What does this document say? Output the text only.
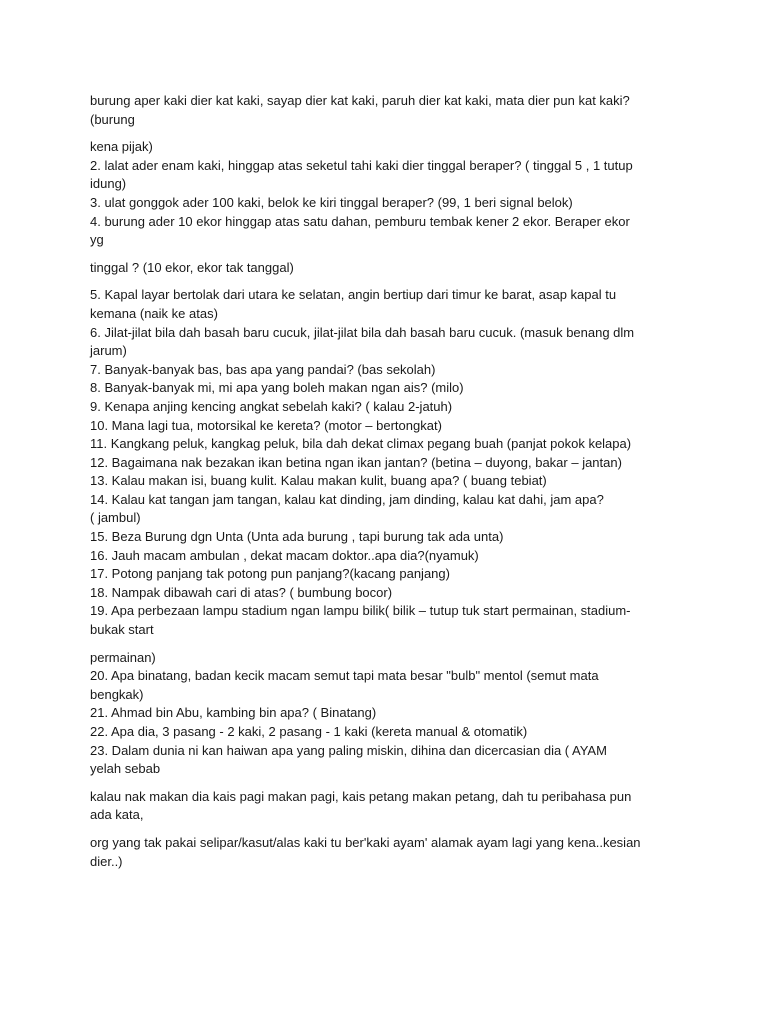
burung aper kaki dier kat kaki, sayap dier kat kaki, paruh dier kat kaki, mata dier pun kat kaki?
(burung
kena pijak)
2. lalat ader enam kaki, hinggap atas seketul tahi kaki dier tinggal beraper? ( tinggal 5 , 1 tutup
idung)
3. ulat gonggok ader 100 kaki, belok ke kiri tinggal beraper? (99, 1 beri signal belok)
4. burung ader 10 ekor hinggap atas satu dahan, pemburu tembak kener 2 ekor. Beraper ekor
yg
tinggal ? (10 ekor, ekor tak tanggal)
5. Kapal layar bertolak dari utara ke selatan, angin bertiup dari timur ke barat, asap kapal tu
kemana (naik ke atas)
6. Jilat-jilat bila dah basah baru cucuk, jilat-jilat bila dah basah baru cucuk. (masuk benang dlm
jarum)
7. Banyak-banyak bas, bas apa yang pandai? (bas sekolah)
8. Banyak-banyak mi, mi apa yang boleh makan ngan ais? (milo)
9. Kenapa anjing kencing angkat sebelah kaki? ( kalau 2-jatuh)
10. Mana lagi tua, motorsikal ke kereta? (motor – bertongkat)
11. Kangkang peluk, kangkag peluk, bila dah dekat climax pegang buah (panjat pokok kelapa)
12. Bagaimana nak bezakan ikan betina ngan ikan jantan? (betina – duyong, bakar – jantan)
13. Kalau makan isi, buang kulit. Kalau makan kulit, buang apa? ( buang tebiat)
14. Kalau kat tangan jam tangan, kalau kat dinding, jam dinding, kalau kat dahi, jam apa?
( jambul)
15. Beza Burung dgn Unta (Unta ada burung , tapi burung tak ada unta)
16. Jauh macam ambulan , dekat macam doktor..apa dia?(nyamuk)
17. Potong panjang tak potong pun panjang?(kacang panjang)
18. Nampak dibawah cari di atas? ( bumbung bocor)
19. Apa perbezaan lampu stadium ngan lampu bilik( bilik – tutup tuk start permainan, stadium-
bukak start
permainan)
20. Apa binatang, badan kecik macam semut tapi mata besar "bulb" mentol (semut mata
bengkak)
21. Ahmad bin Abu, kambing bin apa? ( Binatang)
22. Apa dia, 3 pasang - 2 kaki, 2 pasang - 1 kaki (kereta manual & otomatik)
23. Dalam dunia ni kan haiwan apa yang paling miskin, dihina dan dicercasian dia ( AYAM
yelah sebab
kalau nak makan dia kais pagi makan pagi, kais petang makan petang, dah tu peribahasa pun
ada kata,
org yang tak pakai selipar/kasut/alas kaki tu ber'kaki ayam' alamak ayam lagi yang kena..kesian
dier..)
